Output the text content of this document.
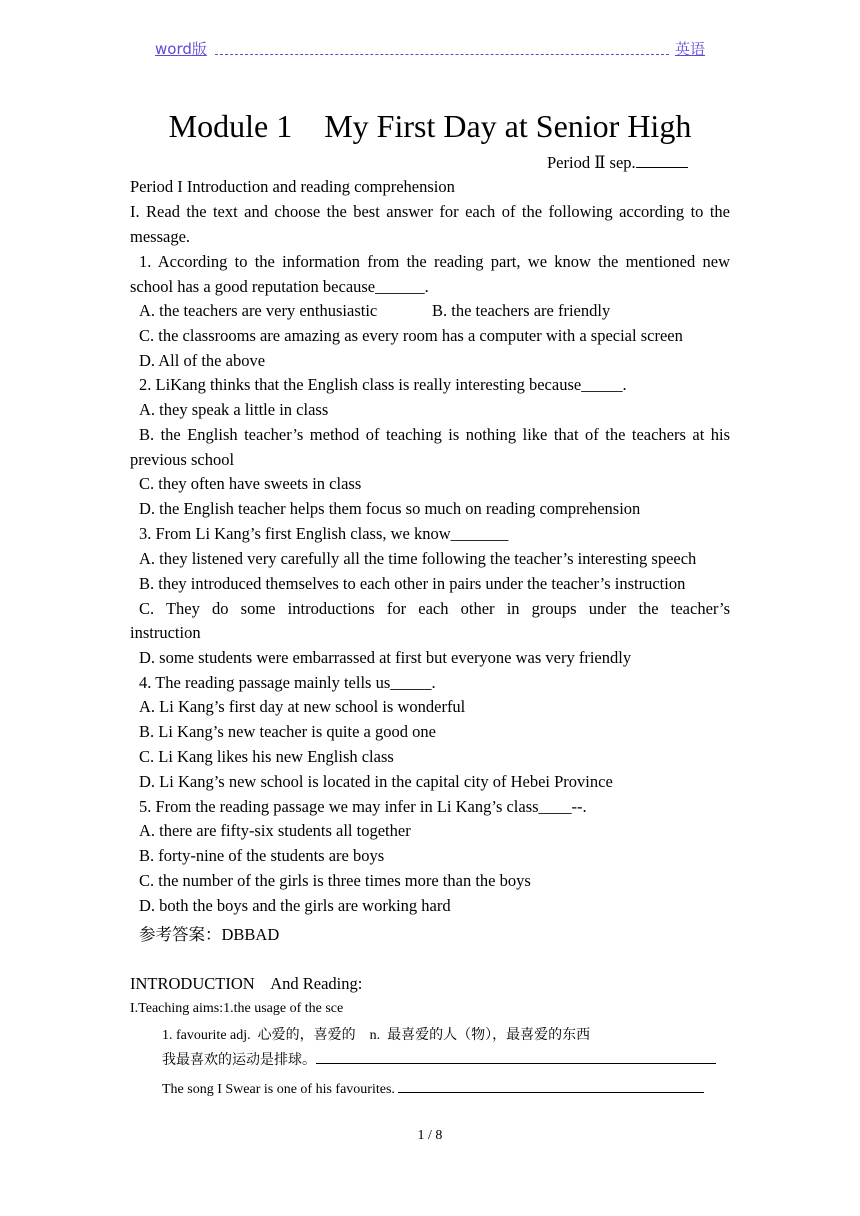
word版	英语
Module 1    My First Day at Senior High
Period Ⅱ sep.
Period I Introduction and reading comprehension
I. Read the text and choose the best answer for each of the following according to the
message.
1. According to the information from the reading part, we know the mentioned new
school has a good reputation because______.
A. the teachers are very enthusiastic	B. the teachers are friendly
C. the classrooms are amazing as every room has a computer with a special screen
D. All of the above
2. LiKang thinks that the English class is really interesting because_____.
A. they speak a little in class
B. the English teacher’s method of teaching is nothing like that of the teachers at his
previous school
C. they often have sweets in class
D. the English teacher helps them focus so much on reading comprehension
3. From Li Kang’s first English class, we know_______
A. they listened very carefully all the time following the teacher’s interesting speech
B. they introduced themselves to each other in pairs under the teacher’s instruction
C. They do some introductions for each other in groups under the teacher’s
instruction
D. some students were embarrassed at first but everyone was very friendly
4. The reading passage mainly tells us_____.
A. Li Kang’s first day at new school is wonderful
B. Li Kang’s new teacher is quite a good one
C. Li Kang likes his new English class
D. Li Kang’s new school is located in the capital city of Hebei Province
5. From the reading passage we may infer in Li Kang’s class____--.
A. there are fifty-six students all together
B. forty-nine of the students are boys
C. the number of the girls is three times more than the boys
D. both the boys and the girls are working hard
参考答案：DBBAD
INTRODUCTION    And Reading:
I.Teaching aims:1.the usage of the sce
1. favourite adj.  心爱的，喜爱的    n.  最喜爱的人（物），最喜爱的东西
我最喜欢的运动是排球。
The song I Swear is one of his favourites.
1 / 8
